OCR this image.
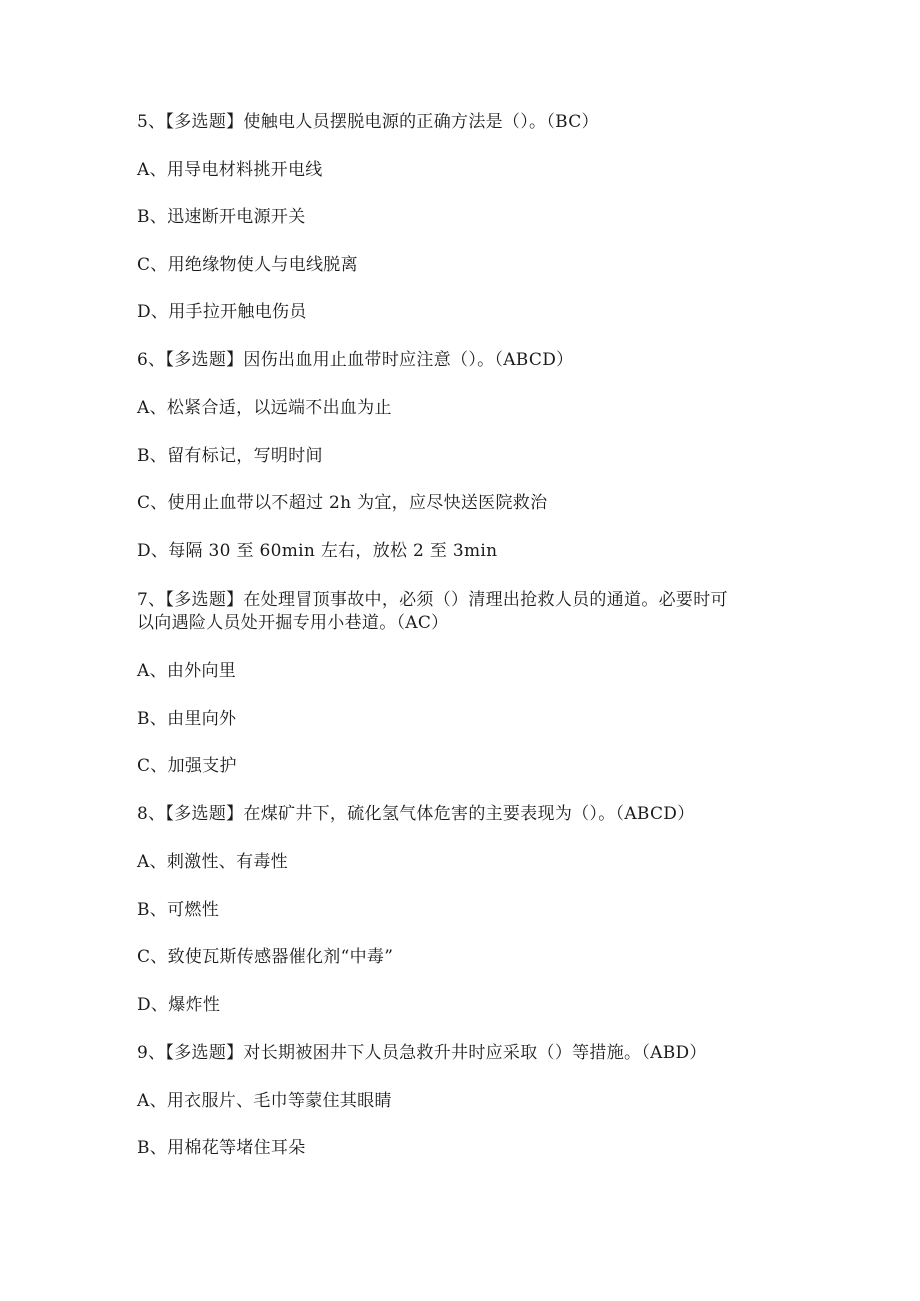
5、【多选题】使触电人员摆脱电源的正确方法是（）。（BC）
A、用导电材料挑开电线
B、迅速断开电源开关
C、用绝缘物使人与电线脱离
D、用手拉开触电伤员
6、【多选题】因伤出血用止血带时应注意（）。（ABCD）
A、松紧合适，以远端不出血为止
B、留有标记，写明时间
C、使用止血带以不超过 2h 为宜，应尽快送医院救治
D、每隔 30 至 60min 左右，放松 2 至 3min
7、【多选题】在处理冒顶事故中，必须（）清理出抢救人员的通道。必要时可
以向遇险人员处开掘专用小巷道。（AC）
A、由外向里
B、由里向外
C、加强支护
8、【多选题】在煤矿井下，硫化氢气体危害的主要表现为（）。（ABCD）
A、刺激性、有毒性
B、可燃性
C、致使瓦斯传感器催化剂“中毒”
D、爆炸性
9、【多选题】对长期被困井下人员急救升井时应采取（）等措施。（ABD）
A、用衣服片、毛巾等蒙住其眼睛
B、用棉花等堵住耳朵
